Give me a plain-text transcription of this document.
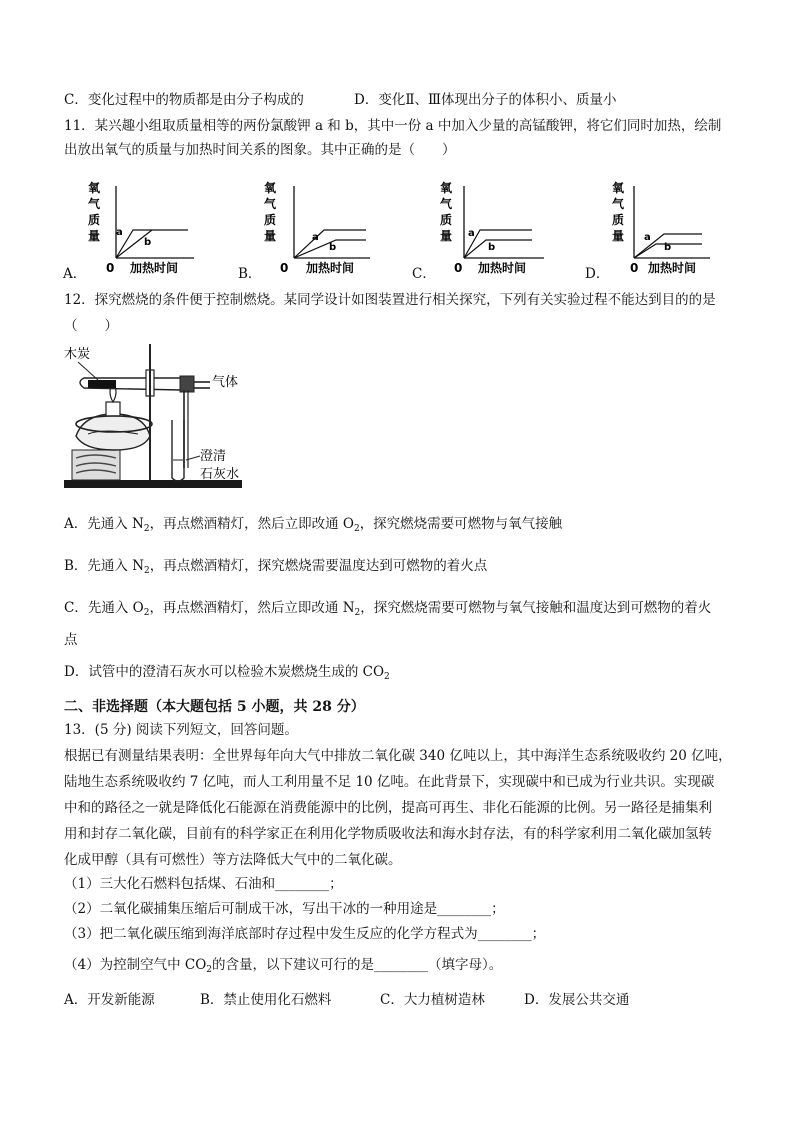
C．变化过程中的物质都是由分子构成的	D．变化Ⅱ、Ⅲ体现出分子的体积小、质量小
11．某兴趣小组取质量相等的两份氯酸钾 a 和 b，其中一份 a 中加入少量的高锰酸钾，将它们同时加热，绘制
出放出氧气的质量与加热时间关系的图象。其中正确的是（　　）
A．
氧
气
质
量
0 加热时间
a
b
B．
氧
气
质
量
0 加热时间
a
b
C．
氧
气
质
量
0 加热时间
a
b
D．
氧
气
质
量
0 加热时间
a
b
12．探究燃烧的条件便于控制燃烧。某同学设计如图装置进行相关探究，下列有关实验过程不能达到目的的是
（　　）
木炭
气体
澄清
石灰水
A．先通入 $N_2$，再点燃酒精灯，然后立即改通 $O_2$，探究燃烧需要可燃物与氧气接触
B．先通入 $N_2$，再点燃酒精灯，探究燃烧需要温度达到可燃物的着火点
C．先通入 $O_2$，再点燃酒精灯，然后立即改通 $N_2$，探究燃烧需要可燃物与氧气接触和温度达到可燃物的着火
点
D．试管中的澄清石灰水可以检验木炭燃烧生成的 $CO_2$
二、非选择题（本大题包括 5 小题，共 28 分）
13．(5 分) 阅读下列短文，回答问题。
根据已有测量结果表明：全世界每年向大气中排放二氧化碳 340 亿吨以上，其中海洋生态系统吸收约 20 亿吨，
陆地生态系统吸收约 7 亿吨，而人工利用量不足 10 亿吨。在此背景下，实现碳中和已成为行业共识。实现碳
中和的路径之一就是降低化石能源在消费能源中的比例，提高可再生、非化石能源的比例。另一路径是捕集利
用和封存二氧化碳，目前有的科学家正在利用化学物质吸收法和海水封存法，有的科学家利用二氧化碳加氢转
化成甲醇（具有可燃性）等方法降低大气中的二氧化碳。
（1）三大化石燃料包括煤、石油和________；
（2）二氧化碳捕集压缩后可制成干冰，写出干冰的一种用途是________；
（3）把二氧化碳压缩到海洋底部时存过程中发生反应的化学方程式为________；
（4）为控制空气中 $CO_2$的含量，以下建议可行的是________（填字母）。
A．开发新能源	B．禁止使用化石燃料	C．大力植树造林	D．发展公共交通
